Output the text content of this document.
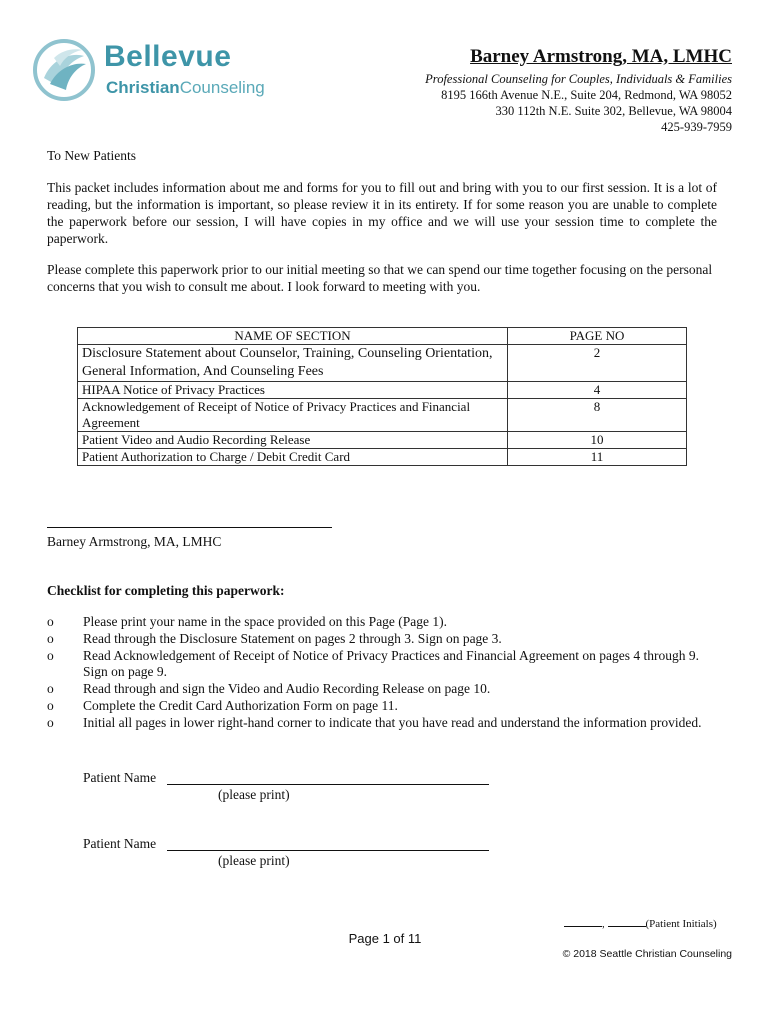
Bellevue
ChristianCounseling
Barney Armstrong, MA, LMHC
Professional Counseling for Couples, Individuals & Families
8195 166th Avenue N.E., Suite 204, Redmond, WA 98052
330 112th N.E. Suite 302, Bellevue, WA 98004
425-939-7959
To New Patients
This packet includes information about me and forms for you to fill out and bring with you to our first session. It is a lot of reading, but the information is important, so please review it in its entirety. If for some reason you are unable to complete the paperwork before our session, I will have copies in my office and we will use your session time to complete the paperwork.
Please complete this paperwork prior to our initial meeting so that we can spend our time together focusing on the personal concerns that you wish to consult me about. I look forward to meeting with you.
NAME OF SECTION	PAGE NO
Disclosure Statement about Counselor, Training, Counseling Orientation, General Information, And Counseling Fees	2
HIPAA Notice of Privacy Practices	4
Acknowledgement of Receipt of Notice of Privacy Practices and Financial Agreement	8
Patient Video and Audio Recording Release	10
Patient Authorization to Charge / Debit Credit Card	11
Barney Armstrong, MA, LMHC
Checklist for completing this paperwork:
o Please print your name in the space provided on this Page (Page 1).
o Read through the Disclosure Statement on pages 2 through 3. Sign on page 3.
o Read Acknowledgement of Receipt of Notice of Privacy Practices and Financial Agreement on pages 4 through 9. Sign on page 9.
o Read through and sign the Video and Audio Recording Release on page 10.
o Complete the Credit Card Authorization Form on page 11.
o Initial all pages in lower right-hand corner to indicate that you have read and understand the information provided.
Patient Name
(please print)
Patient Name
(please print)
,	(Patient Initials)
Page 1 of 11
© 2018 Seattle Christian Counseling
